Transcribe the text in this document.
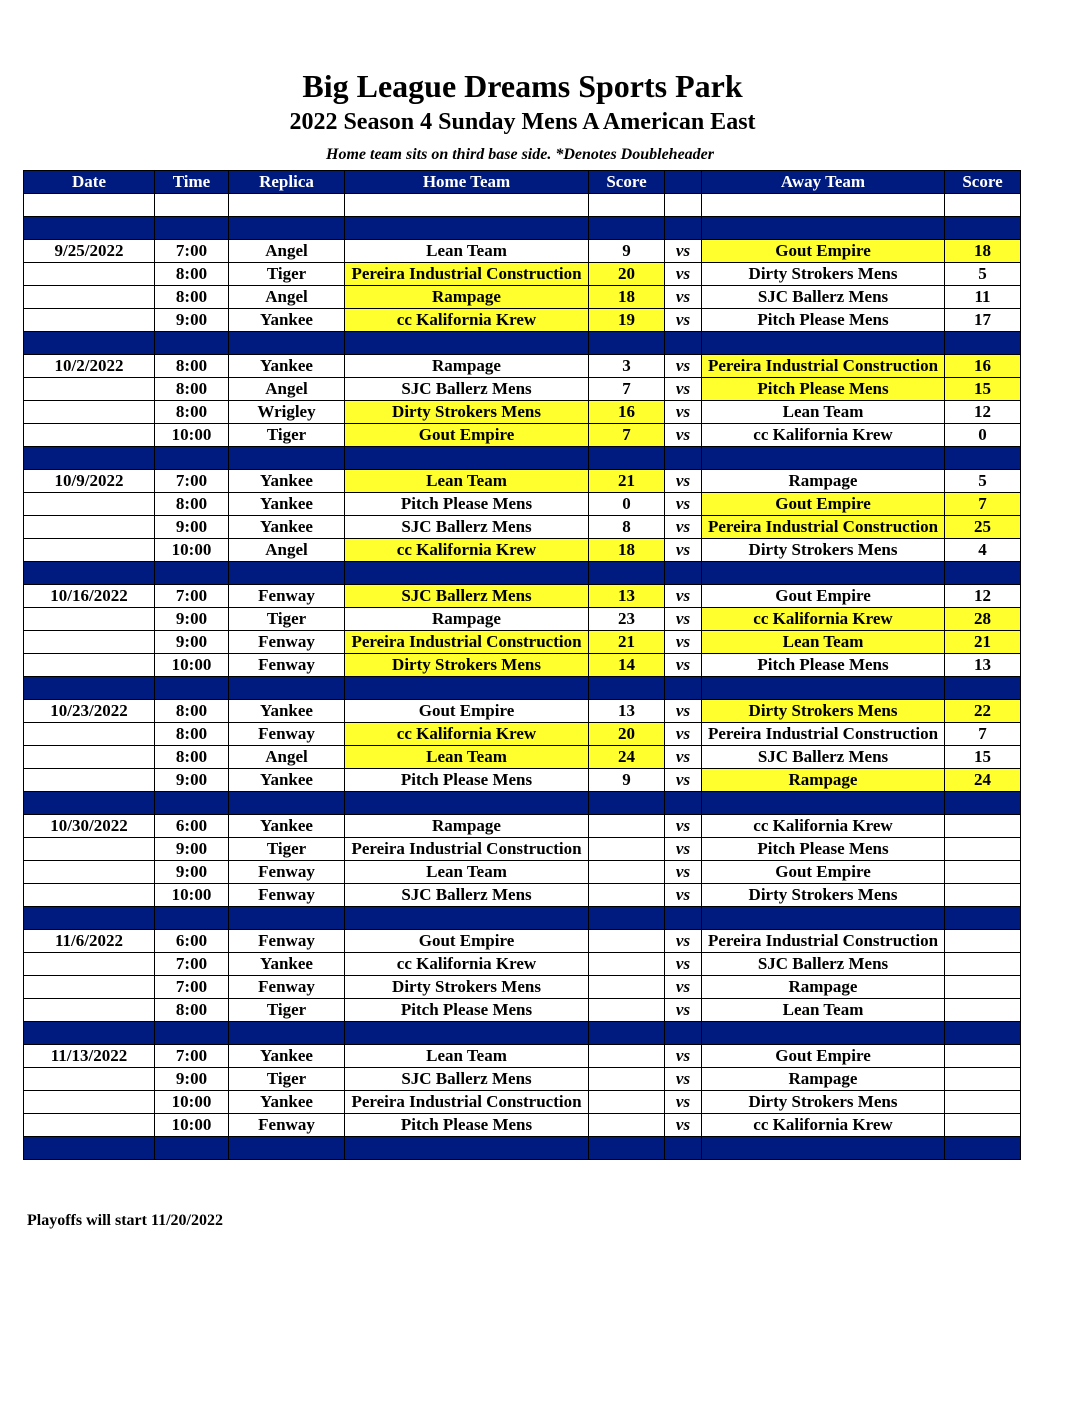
Big League Dreams Sports Park
2022 Season 4 Sunday Mens A American East
Home team sits on third base side. *Denotes Doubleheader
Date	Time	Replica	Home Team	Score		Away Team	Score

9/25/2022	7:00	Angel	Lean Team	9	vs	Gout Empire	18
	8:00	Tiger	Pereira Industrial Construction	20	vs	Dirty Strokers Mens	5
	8:00	Angel	Rampage	18	vs	SJC Ballerz Mens	11
	9:00	Yankee	cc Kalifornia Krew	19	vs	Pitch Please Mens	17

10/2/2022	8:00	Yankee	Rampage	3	vs	Pereira Industrial Construction	16
	8:00	Angel	SJC Ballerz Mens	7	vs	Pitch Please Mens	15
	8:00	Wrigley	Dirty Strokers Mens	16	vs	Lean Team	12
	10:00	Tiger	Gout Empire	7	vs	cc Kalifornia Krew	0

10/9/2022	7:00	Yankee	Lean Team	21	vs	Rampage	5
	8:00	Yankee	Pitch Please Mens	0	vs	Gout Empire	7
	9:00	Yankee	SJC Ballerz Mens	8	vs	Pereira Industrial Construction	25
	10:00	Angel	cc Kalifornia Krew	18	vs	Dirty Strokers Mens	4

10/16/2022	7:00	Fenway	SJC Ballerz Mens	13	vs	Gout Empire	12
	9:00	Tiger	Rampage	23	vs	cc Kalifornia Krew	28
	9:00	Fenway	Pereira Industrial Construction	21	vs	Lean Team	21
	10:00	Fenway	Dirty Strokers Mens	14	vs	Pitch Please Mens	13

10/23/2022	8:00	Yankee	Gout Empire	13	vs	Dirty Strokers Mens	22
	8:00	Fenway	cc Kalifornia Krew	20	vs	Pereira Industrial Construction	7
	8:00	Angel	Lean Team	24	vs	SJC Ballerz Mens	15
	9:00	Yankee	Pitch Please Mens	9	vs	Rampage	24

10/30/2022	6:00	Yankee	Rampage		vs	cc Kalifornia Krew	
	9:00	Tiger	Pereira Industrial Construction		vs	Pitch Please Mens	
	9:00	Fenway	Lean Team		vs	Gout Empire	
	10:00	Fenway	SJC Ballerz Mens		vs	Dirty Strokers Mens	

11/6/2022	6:00	Fenway	Gout Empire		vs	Pereira Industrial Construction	
	7:00	Yankee	cc Kalifornia Krew		vs	SJC Ballerz Mens	
	7:00	Fenway	Dirty Strokers Mens		vs	Rampage	
	8:00	Tiger	Pitch Please Mens		vs	Lean Team	

11/13/2022	7:00	Yankee	Lean Team		vs	Gout Empire	
	9:00	Tiger	SJC Ballerz Mens		vs	Rampage	
	10:00	Yankee	Pereira Industrial Construction		vs	Dirty Strokers Mens	
	10:00	Fenway	Pitch Please Mens		vs	cc Kalifornia Krew	

Playoffs will start 11/20/2022
